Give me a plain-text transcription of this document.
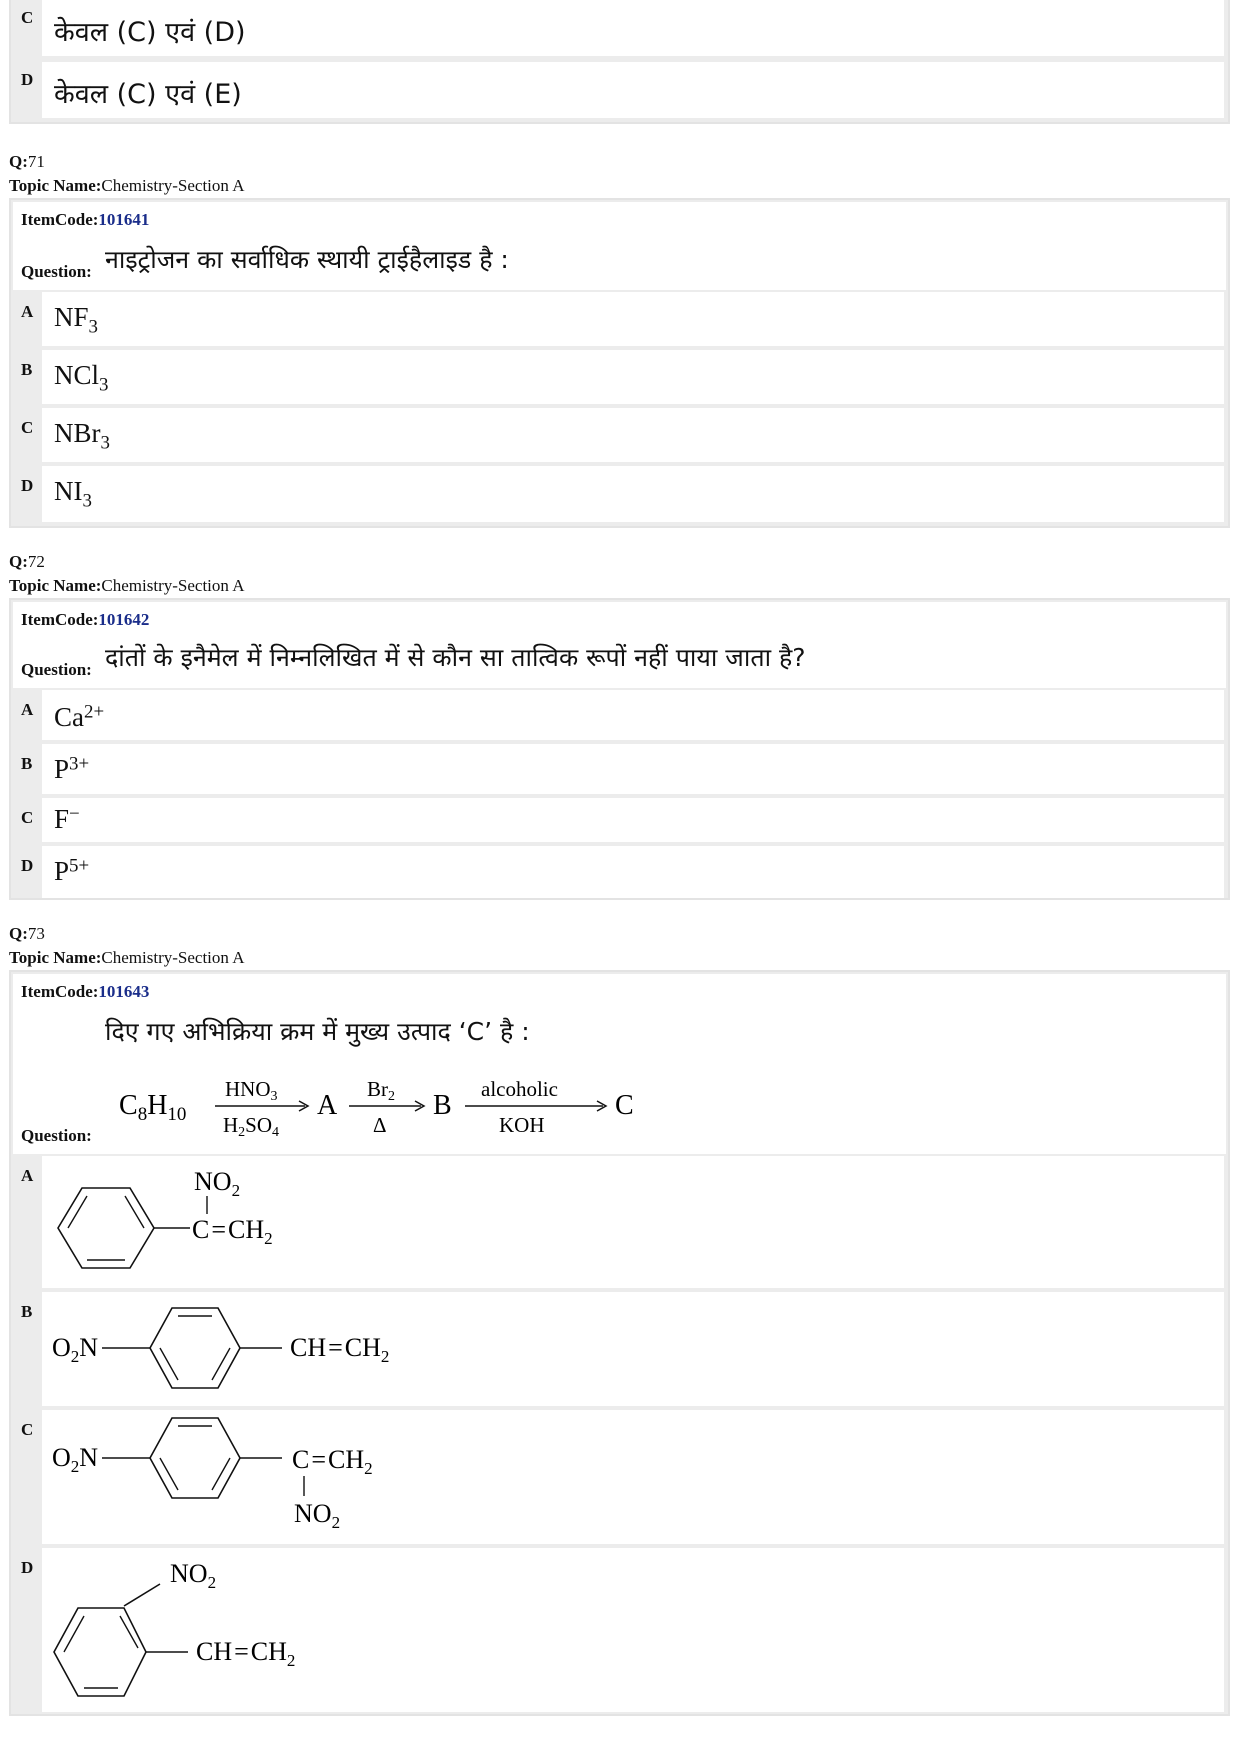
C केवल (C) एवं (D)
D केवल (C) एवं (E)
Q:71
Topic Name:Chemistry-Section A
ItemCode:101641
Question: नाइट्रोजन का सर्वाधिक स्थायी ट्राईहैलाइड है :
A $NF_3$
B NCl$_3$
C NBr$_3$
D $NI_3$
Q:72
Topic Name:Chemistry-Section A
ItemCode:101642
Question: दांतों के इनैमेल में निम्नलिखित में से कौन सा तात्विक रूपों नहीं पाया जाता है?
A $Ca^{2+}$
B $P^{3+}$
C F−
D $P^{5+}$
Q:73
Topic Name:Chemistry-Section A
ItemCode:101643
Question:
दिए गए अभिक्रिया क्रम में मुख्य उत्पाद ‘C’ है :
$C_8H_{10}$
HNO3
H2SO4
A
Br2
Δ
B
alcoholic
KOH
C
A	$NO_2$
$C=CH_2$
B
$O_2N$	$CH=CH_2$
C
$O_2N$	$C=CH_2$
$NO_2$
D	$NO_2$
$CH=CH_2$
